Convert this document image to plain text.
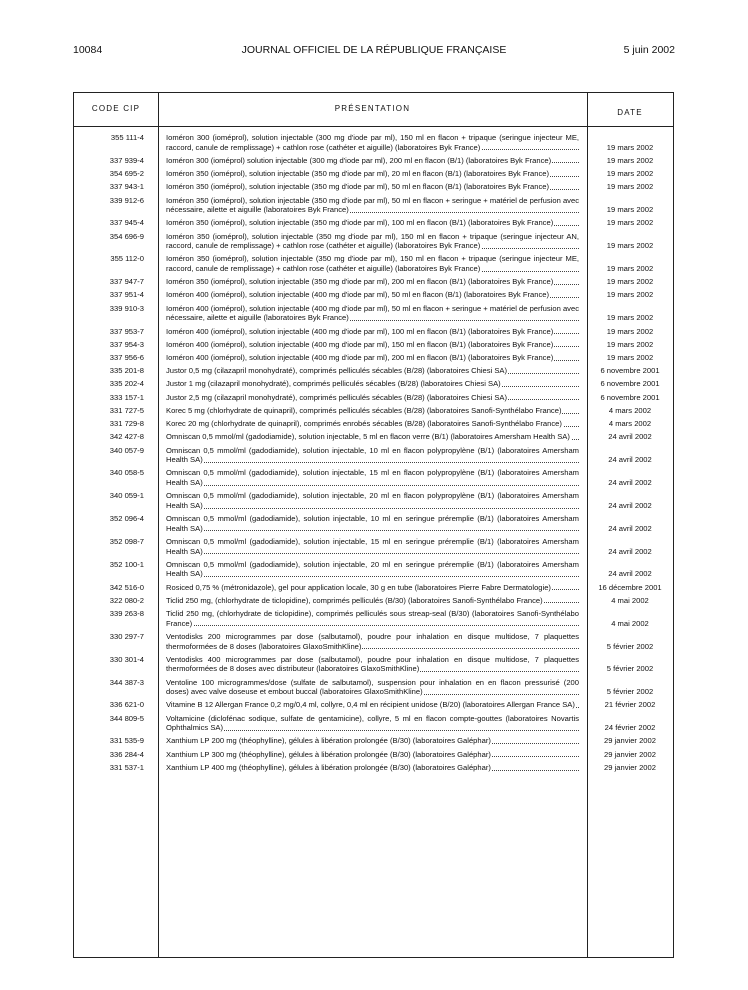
10084	JOURNAL OFFICIEL DE LA RÉPUBLIQUE FRANÇAISE	5 juin 2002
CODE CIP	PRÉSENTATION	DATE
355 111-4	Ioméron 300 (ioméprol), solution injectable (300 mg d'iode par ml), 150 ml en flacon + tripaque (seringue injecteur ME, raccord, canule de remplissage) + cathlon rose (cathéter et aiguille) (laboratoires Byk France)	19 mars 2002
337 939-4	Ioméron 300 (ioméprol) solution injectable (300 mg d'iode par ml), 200 ml en flacon (B/1) (laboratoires Byk France)	19 mars 2002
354 695-2	Ioméron 350 (ioméprol), solution injectable (350 mg d'iode par ml), 20 ml en flacon (B/1) (laboratoires Byk France)	19 mars 2002
337 943-1	Ioméron 350 (ioméprol), solution injectable (350 mg d'iode par ml), 50 ml en flacon (B/1) (laboratoires Byk France)	19 mars 2002
339 912-6	Ioméron 350 (ioméprol), solution injectable (350 mg d'iode par ml), 50 ml en flacon + seringue + matériel de perfusion avec nécessaire, ailette et aiguille (laboratoires Byk France)	19 mars 2002
337 945-4	Ioméron 350 (ioméprol), solution injectable (350 mg d'iode par ml), 100 ml en flacon (B/1) (laboratoires Byk France)	19 mars 2002
354 696-9	Ioméron 350 (ioméprol), solution injectable (350 mg d'iode par ml), 150 ml en flacon + tripaque (seringue injecteur AN, raccord, canule de remplissage) + cathlon rose (cathéter et aiguille) (laboratoires Byk France)	19 mars 2002
355 112-0	Ioméron 350 (ioméprol), solution injectable (350 mg d'iode par ml), 150 ml en flacon + tripaque (seringue injecteur ME, raccord, canule de remplissage) + cathlon rose (cathéter et aiguille) (laboratoires Byk France)	19 mars 2002
337 947-7	Ioméron 350 (ioméprol), solution injectable (350 mg d'iode par ml), 200 ml en flacon (B/1) (laboratoires Byk France)	19 mars 2002
337 951-4	Ioméron 400 (ioméprol), solution injectable (400 mg d'iode par ml), 50 ml en flacon (B/1) (laboratoires Byk France)	19 mars 2002
339 910-3	Ioméron 400 (ioméprol), solution injectable (400 mg d'iode par ml), 50 ml en flacon + seringue + matériel de perfusion avec nécessaire, ailette et aiguille (laboratoires Byk France)	19 mars 2002
337 953-7	Ioméron 400 (ioméprol), solution injectable (400 mg d'iode par ml), 100 ml en flacon (B/1) (laboratoires Byk France)	19 mars 2002
337 954-3	Ioméron 400 (ioméprol), solution injectable (400 mg d'iode par ml), 150 ml en flacon (B/1) (laboratoires Byk France)	19 mars 2002
337 956-6	Ioméron 400 (ioméprol), solution injectable (400 mg d'iode par ml), 200 ml en flacon (B/1) (laboratoires Byk France)	19 mars 2002
335 201-8	Justor 0,5 mg (cilazapril monohydraté), comprimés pelliculés sécables (B/28) (laboratoires Chiesi SA)	6 novembre 2001
335 202-4	Justor 1 mg (cilazapril monohydraté), comprimés pelliculés sécables (B/28) (laboratoires Chiesi SA)	6 novembre 2001
333 157-1	Justor 2,5 mg (cilazapril monohydraté), comprimés pelliculés sécables (B/28) (laboratoires Chiesi SA)	6 novembre 2001
331 727-5	Korec 5 mg (chlorhydrate de quinapril), comprimés pelliculés sécables (B/28) (laboratoires Sanofi-Synthélabo France)	4 mars 2002
331 729-8	Korec 20 mg (chlorhydrate de quinapril), comprimés enrobés sécables (B/28) (laboratoires Sanofi-Synthélabo France)	4 mars 2002
342 427-8	Omniscan 0,5 mmol/ml (gadodiamide), solution injectable, 5 ml en flacon verre (B/1) (laboratoires Amersham Health SA)	24 avril 2002
340 057-9	Omniscan 0,5 mmol/ml (gadodiamide), solution injectable, 10 ml en flacon polypropylène (B/1) (laboratoires Amersham Health SA)	24 avril 2002
340 058-5	Omniscan 0,5 mmol/ml (gadodiamide), solution injectable, 15 ml en flacon polypropylène (B/1) (laboratoires Amersham Health SA)	24 avril 2002
340 059-1	Omniscan 0,5 mmol/ml (gadodiamide), solution injectable, 20 ml en flacon polypropylène (B/1) (laboratoires Amersham Health SA)	24 avril 2002
352 096-4	Omniscan 0,5 mmol/ml (gadodiamide), solution injectable, 10 ml en seringue préremplie (B/1) (laboratoires Amersham Health SA)	24 avril 2002
352 098-7	Omniscan 0,5 mmol/ml (gadodiamide), solution injectable, 15 ml en seringue préremplie (B/1) (laboratoires Amersham Health SA)	24 avril 2002
352 100-1	Omniscan 0,5 mmol/ml (gadodiamide), solution injectable, 20 ml en seringue préremplie (B/1) (laboratoires Amersham Health SA)	24 avril 2002
342 516-0	Rosiced 0,75 % (métronidazole), gel pour application locale, 30 g en tube (laboratoires Pierre Fabre Dermatologie)	16 décembre 2001
322 080-2	Ticlid 250 mg, (chlorhydrate de ticlopidine), comprimés pelliculés (B/30) (laboratoires Sanofi-Synthélabo France)	4 mai 2002
339 263-8	Ticlid 250 mg, (chlorhydrate de ticlopidine), comprimés pelliculés sous streap-seal (B/30) (laboratoires Sanofi-Synthélabo France)	4 mai 2002
330 297-7	Ventodisks 200 microgrammes par dose (salbutamol), poudre pour inhalation en disque multidose, 7 plaquettes thermoformées de 8 doses (laboratoires GlaxoSmithKline)	5 février 2002
330 301-4	Ventodisks 400 microgrammes par dose (salbutamol), poudre pour inhalation en disque multidose, 7 plaquettes thermoformées de 8 doses avec distributeur (laboratoires GlaxoSmithKline)	5 février 2002
344 387-3	Ventoline 100 microgrammes/dose (sulfate de salbutamol), suspension pour inhalation en en flacon pressurisé (200 doses) avec valve doseuse et embout buccal (laboratoires GlaxoSmithKline)	5 février 2002
336 621-0	Vitamine B 12 Allergan France 0,2 mg/0,4 ml, collyre, 0,4 ml en récipient unidose (B/20) (laboratoires Allergan France SA)	21 février 2002
344 809-5	Voltamicine (diclofénac sodique, sulfate de gentamicine), collyre, 5 ml en flacon compte-gouttes (laboratoires Novartis Ophthalmics SA)	24 février 2002
331 535-9	Xanthium LP 200 mg (théophylline), gélules à libération prolongée (B/30) (laboratoires Galéphar)	29 janvier 2002
336 284-4	Xanthium LP 300 mg (théophylline), gélules à libération prolongée (B/30) (laboratoires Galéphar)	29 janvier 2002
331 537-1	Xanthium LP 400 mg (théophylline), gélules à libération prolongée (B/30) (laboratoires Galéphar)	29 janvier 2002
